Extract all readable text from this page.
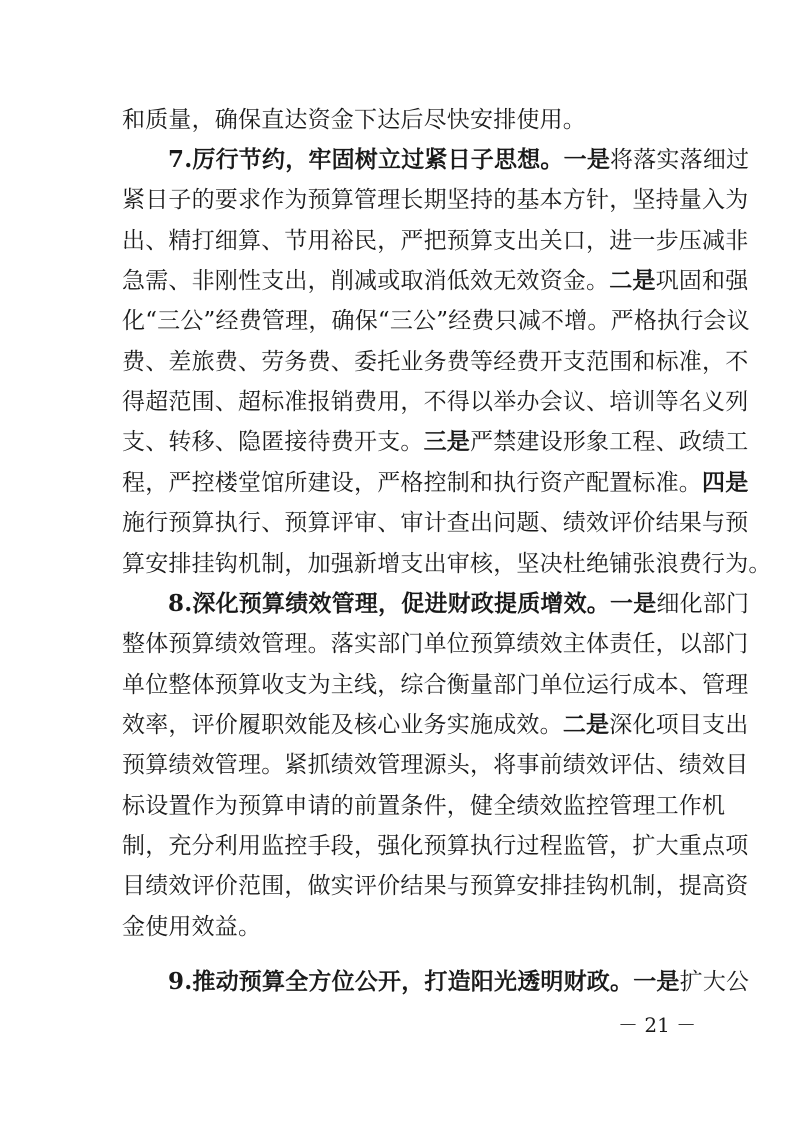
和质量，确保直达资金下达后尽快安排使用。
7.厉行节约，牢固树立过紧日子思想。一是将落实落细过
紧日子的要求作为预算管理长期坚持的基本方针，坚持量入为
出、精打细算、节用裕民，严把预算支出关口，进一步压减非
急需、非刚性支出，削减或取消低效无效资金。二是巩固和强
化“三公”经费管理，确保“三公”经费只减不增。严格执行会议
费、差旅费、劳务费、委托业务费等经费开支范围和标准，不
得超范围、超标准报销费用，不得以举办会议、培训等名义列
支、转移、隐匿接待费开支。三是严禁建设形象工程、政绩工
程，严控楼堂馆所建设，严格控制和执行资产配置标准。四是
施行预算执行、预算评审、审计查出问题、绩效评价结果与预
算安排挂钩机制，加强新增支出审核，坚决杜绝铺张浪费行为。
8.深化预算绩效管理，促进财政提质增效。一是细化部门
整体预算绩效管理。落实部门单位预算绩效主体责任，以部门
单位整体预算收支为主线，综合衡量部门单位运行成本、管理
效率，评价履职效能及核心业务实施成效。二是深化项目支出
预算绩效管理。紧抓绩效管理源头，将事前绩效评估、绩效目
标设置作为预算申请的前置条件，健全绩效监控管理工作机
制，充分利用监控手段，强化预算执行过程监管，扩大重点项
目绩效评价范围，做实评价结果与预算安排挂钩机制，提高资
金使用效益。
9.推动预算全方位公开，打造阳光透明财政。一是扩大公
－ 21 －
